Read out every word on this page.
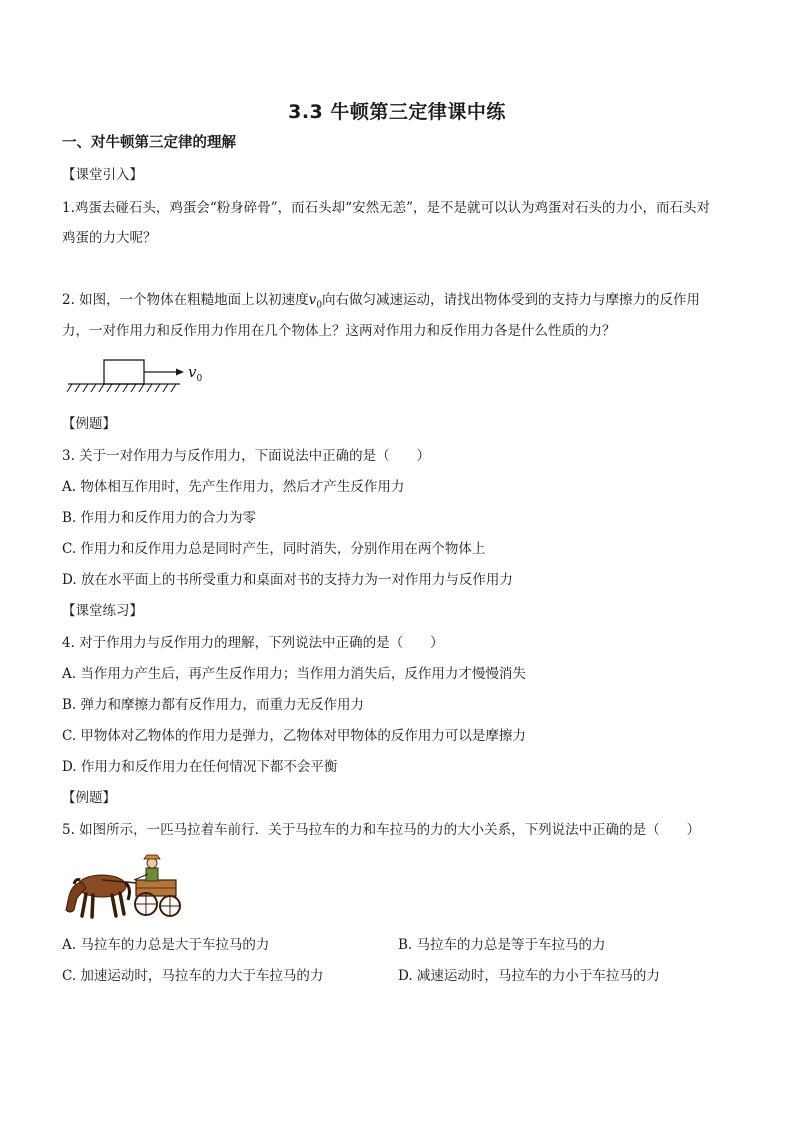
3.3 牛顿第三定律课中练
一、对牛顿第三定律的理解
【课堂引入】
1.鸡蛋去碰石头，鸡蛋会“粉身碎骨”，而石头却“安然无恙”，是不是就可以认为鸡蛋对石头的力小，而石头对
鸡蛋的力大呢？
2. 如图，一个物体在粗糙地面上以初速度$v_0$向右做匀减速运动，请找出物体受到的支持力与摩擦力的反作用
力，一对作用力和反作用力作用在几个物体上？这两对作用力和反作用力各是什么性质的力？
$v_0$
【例题】
3. 关于一对作用力与反作用力，下面说法中正确的是（　　）
A. 物体相互作用时，先产生作用力，然后才产生反作用力
B. 作用力和反作用力的合力为零
C. 作用力和反作用力总是同时产生，同时消失，分别作用在两个物体上
D. 放在水平面上的书所受重力和桌面对书的支持力为一对作用力与反作用力
【课堂练习】
4. 对于作用力与反作用力的理解，下列说法中正确的是（　　）
A. 当作用力产生后，再产生反作用力；当作用力消失后，反作用力才慢慢消失
B. 弹力和摩擦力都有反作用力，而重力无反作用力
C. 甲物体对乙物体的作用力是弹力，乙物体对甲物体的反作用力可以是摩擦力
D. 作用力和反作用力在任何情况下都不会平衡
【例题】
5. 如图所示，一匹马拉着车前行．关于马拉车的力和车拉马的力的大小关系，下列说法中正确的是（　　）
A. 马拉车的力总是大于车拉马的力	B. 马拉车的力总是等于车拉马的力
C. 加速运动时，马拉车的力大于车拉马的力	D. 减速运动时，马拉车的力小于车拉马的力
